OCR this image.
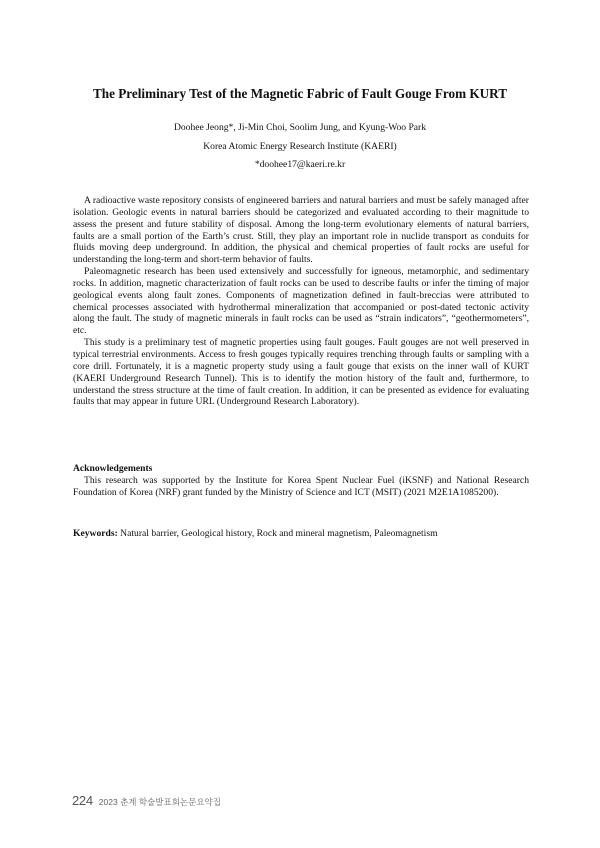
The Preliminary Test of the Magnetic Fabric of Fault Gouge From KURT
Doohee Jeong*, Ji-Min Choi, Soolim Jung, and Kyung-Woo Park
Korea Atomic Energy Research Institute (KAERI)
*doohee17@kaeri.re.kr

A radioactive waste repository consists of engineered barriers and natural barriers and must be safely managed after isolation. Geologic events in natural barriers should be categorized and evaluated according to their magnitude to assess the present and future stability of disposal. Among the long-term evolutionary elements of natural barriers, faults are a small portion of the Earth’s crust. Still, they play an important role in nuclide transport as conduits for fluids moving deep underground. In addition, the physical and chemical properties of fault rocks are useful for understanding the long-term and short-term behavior of faults.

Paleomagnetic research has been used extensively and successfully for igneous, metamorphic, and sedimentary rocks. In addition, magnetic characterization of fault rocks can be used to describe faults or infer the timing of major geological events along fault zones. Components of magnetization defined in fault-breccias were attributed to chemical processes associated with hydrothermal mineralization that accompanied or post-dated tectonic activity along the fault. The study of magnetic minerals in fault rocks can be used as “strain indicators”, “geothermometers”, etc.

This study is a preliminary test of magnetic properties using fault gouges. Fault gouges are not well preserved in typical terrestrial environments. Access to fresh gouges typically requires trenching through faults or sampling with a core drill. Fortunately, it is a magnetic property study using a fault gouge that exists on the inner wall of KURT (KAERI Underground Research Tunnel). This is to identify the motion history of the fault and, furthermore, to understand the stress structure at the time of fault creation. In addition, it can be presented as evidence for evaluating faults that may appear in future URL (Underground Research Laboratory).

Acknowledgements

This research was supported by the Institute for Korea Spent Nuclear Fuel (iKSNF) and National Research Foundation of Korea (NRF) grant funded by the Ministry of Science and ICT (MSIT) (2021 M2E1A1085200).

Keywords: Natural barrier, Geological history, Rock and mineral magnetism, Paleomagnetism
224 2023 춘계 학술발표회논문요약집
